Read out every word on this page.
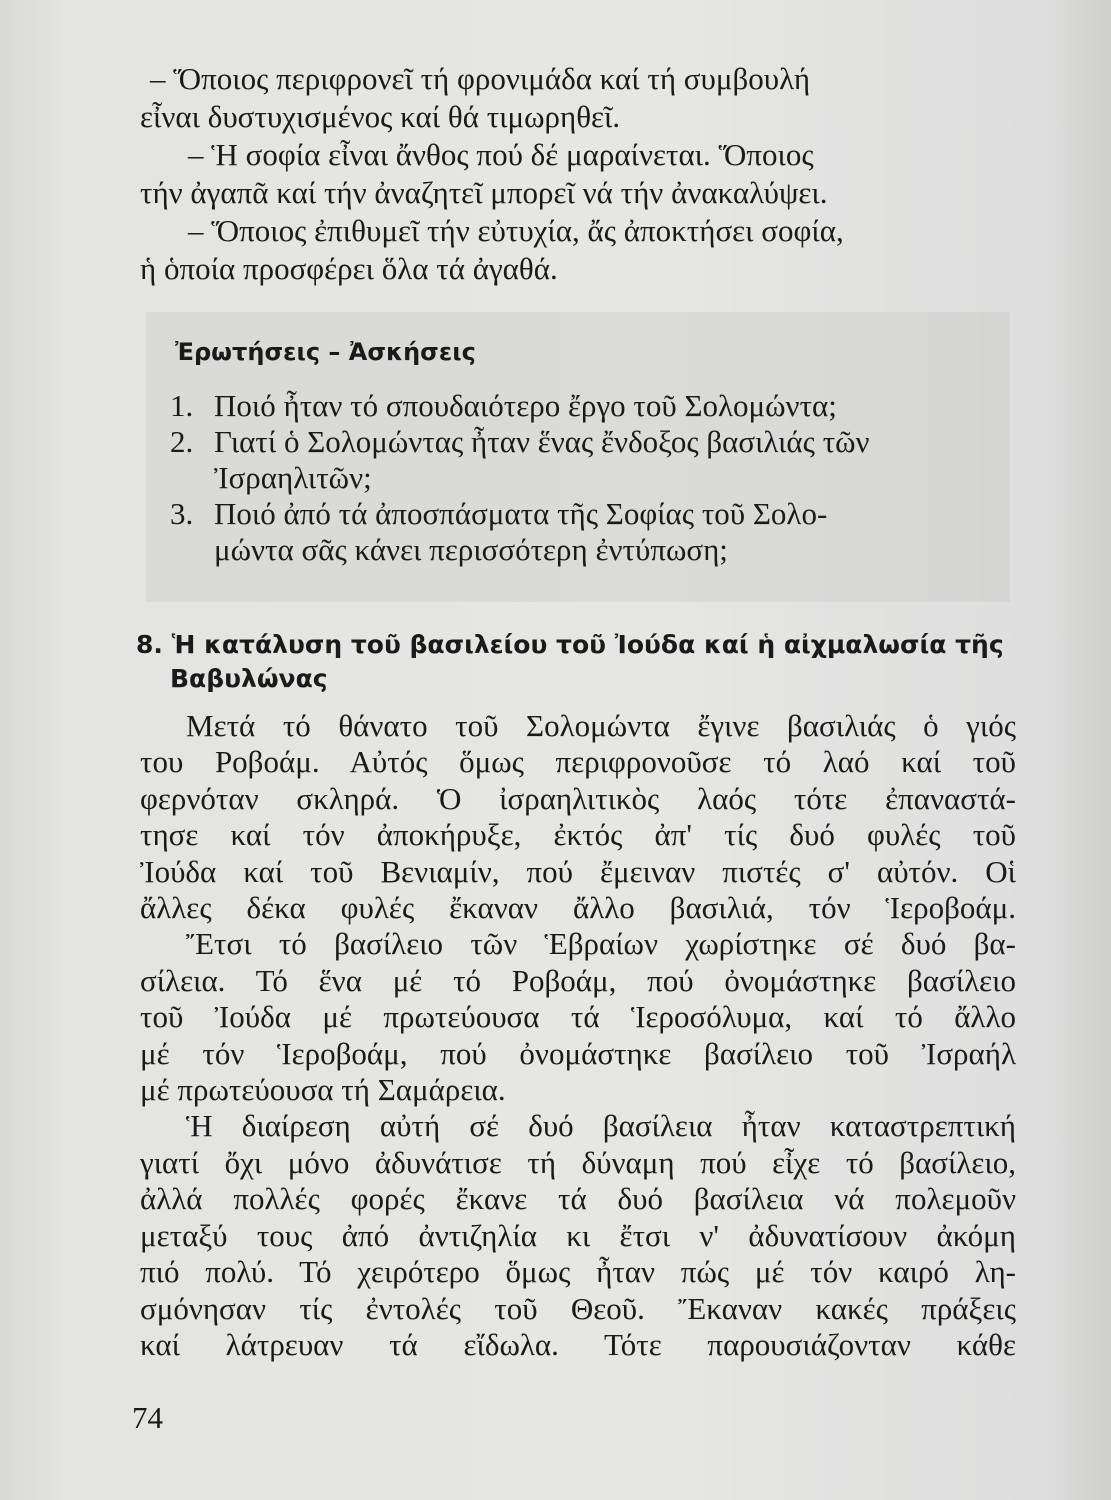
– Ὅποιος περιφρονεῖ τή φρονιμάδα καί τή συμβουλή

εἶναι δυστυχισμένος καί θά τιμωρηθεῖ.

– Ἡ σοφία εἶναι ἄνθος πού δέ μαραίνεται. Ὅποιος

τήν ἀγαπᾶ καί τήν ἀναζητεῖ μπορεῖ νά τήν ἀνακαλύψει.

– Ὅποιος ἐπιθυμεῖ τήν εὐτυχία, ἄς ἀποκτήσει σοφία,

ἡ ὁποία προσφέρει ὅλα τά ἀγαθά.

Ἐρωτήσεις – Ἀσκήσεις
1. Ποιό ἦταν τό σπουδαιότερο ἔργο τοῦ Σολομώντα;
2. Γιατί ὁ Σολομώντας ἦταν ἕνας ἔνδοξος βασιλιάς τῶν
Ἰσραηλιτῶν;
3. Ποιό ἀπό τά ἀποσπάσματα τῆς Σοφίας τοῦ Σολο-
μώντα σᾶς κάνει περισσότερη ἐντύπωση;
8. Ἡ κατάλυση τοῦ βασιλείου τοῦ Ἰούδα καί ἡ αἰχμαλωσία τῆς
Βαβυλώνας
Μετά τό θάνατο τοῦ Σολομώντα ἔγινε βασιλιάς ὁ γιός
του Ροβοάμ. Αὐτός ὅμως περιφρονοῦσε τό λαό καί τοῦ
φερνόταν σκληρά. Ὁ ἰσραηλιτικὸς λαός τότε ἐπαναστά-
τησε καί τόν ἀποκήρυξε, ἐκτός ἀπ' τίς δυό φυλές τοῦ
Ἰούδα καί τοῦ Βενιαμίν, πού ἔμειναν πιστές σ' αὐτόν. Οἱ
ἄλλες δέκα φυλές ἔκαναν ἄλλο βασιλιά, τόν Ἱεροβοάμ.
Ἔτσι τό βασίλειο τῶν Ἑβραίων χωρίστηκε σέ δυό βα-
σίλεια. Τό ἕνα μέ τό Ροβοάμ, πού ὀνομάστηκε βασίλειο
τοῦ Ἰούδα μέ πρωτεύουσα τά Ἱεροσόλυμα, καί τό ἄλλο
μέ τόν Ἱεροβοάμ, πού ὀνομάστηκε βασίλειο τοῦ Ἰσραήλ
μέ πρωτεύουσα τή Σαμάρεια.
Ἡ διαίρεση αὐτή σέ δυό βασίλεια ἦταν καταστρεπτική
γιατί ὄχι μόνο ἀδυνάτισε τή δύναμη πού εἶχε τό βασίλειο,
ἀλλά πολλές φορές ἔκανε τά δυό βασίλεια νά πολεμοῦν
μεταξύ τους ἀπό ἀντιζηλία κι ἔτσι ν' ἀδυνατίσουν ἀκόμη
πιό πολύ. Τό χειρότερο ὅμως ἦταν πώς μέ τόν καιρό λη-
σμόνησαν τίς ἐντολές τοῦ Θεοῦ. Ἔκαναν κακές πράξεις
καί λάτρευαν τά εἴδωλα. Τότε παρουσιάζονταν κάθε

74
